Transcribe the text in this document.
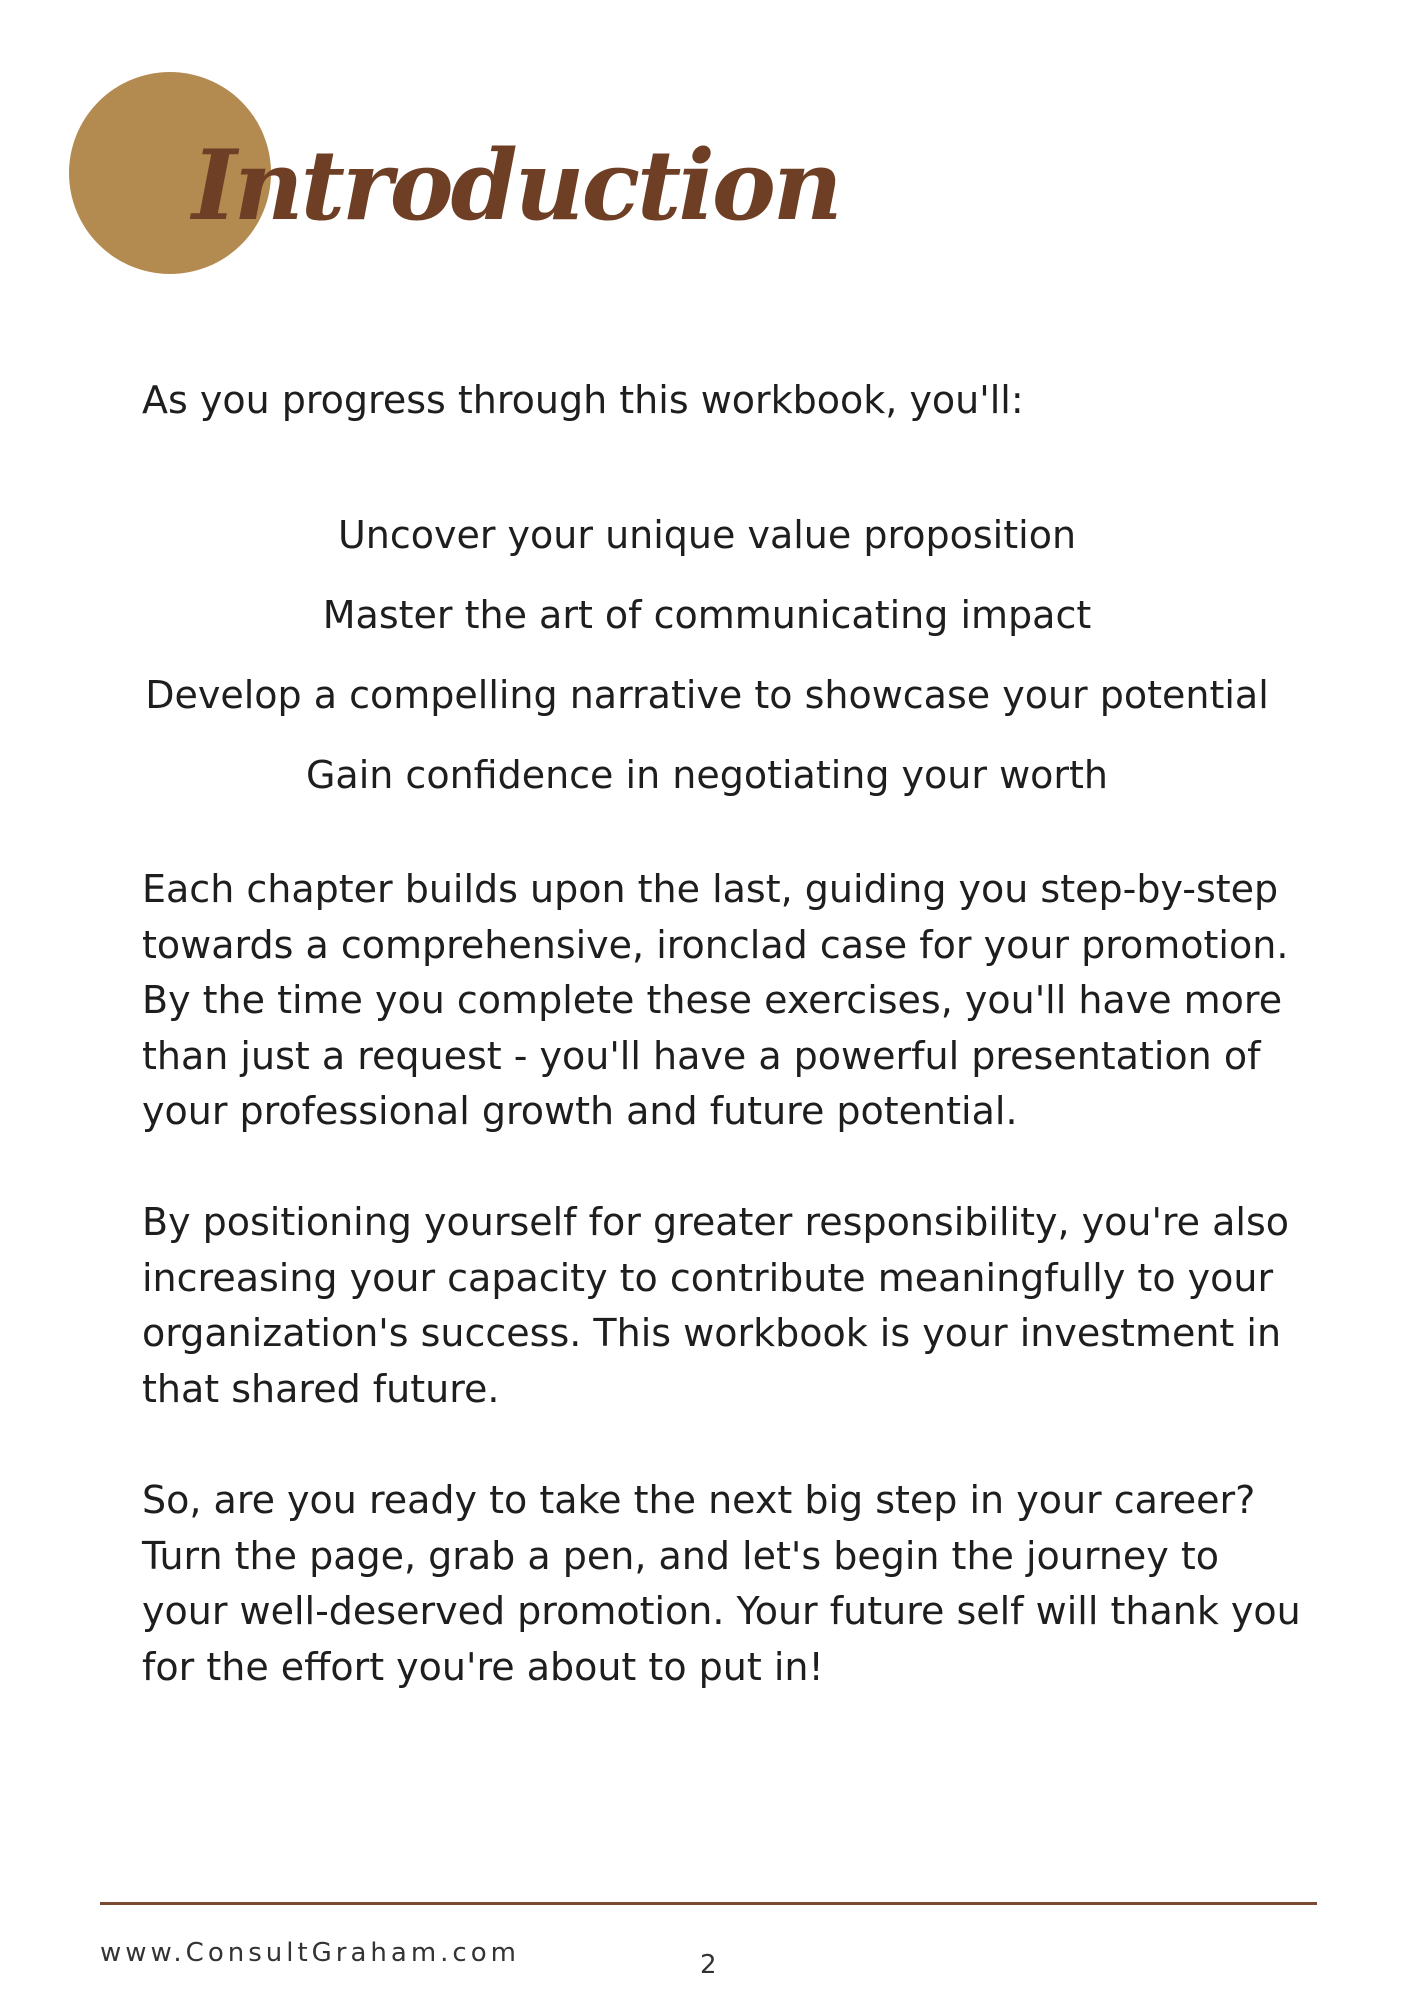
Introduction

As you progress through this workbook, you'll:

Uncover your unique value proposition
Master the art of communicating impact
Develop a compelling narrative to showcase your potential
Gain confidence in negotiating your worth

Each chapter builds upon the last, guiding you step-by-step towards a comprehensive, ironclad case for your promotion. By the time you complete these exercises, you'll have more than just a request - you'll have a powerful presentation of your professional growth and future potential.

By positioning yourself for greater responsibility, you're also increasing your capacity to contribute meaningfully to your organization's success. This workbook is your investment in that shared future.

So, are you ready to take the next big step in your career? Turn the page, grab a pen, and let's begin the journey to your well-deserved promotion. Your future self will thank you for the effort you're about to put in!

www.ConsultGraham.com	2
